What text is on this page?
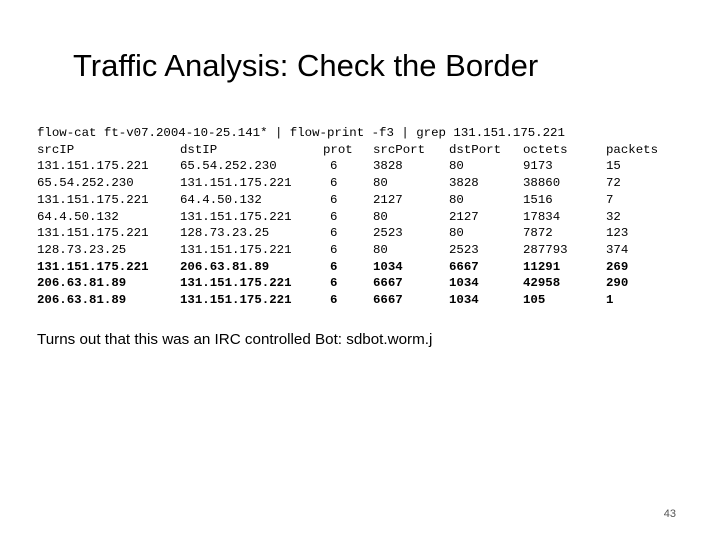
Traffic Analysis: Check the Border
flow-cat ft-v07.2004-10-25.141* | flow-print -f3 | grep 131.151.175.221
srcIP	dstIP	prot	srcPort	dstPort	octets	packets
131.151.175.221	65.54.252.230	6	3828	80	9173	15
65.54.252.230	131.151.175.221	6	80	3828	38860	72
131.151.175.221	64.4.50.132	6	2127	80	1516	7
64.4.50.132	131.151.175.221	6	80	2127	17834	32
131.151.175.221	128.73.23.25	6	2523	80	7872	123
128.73.23.25	131.151.175.221	6	80	2523	287793	374
131.151.175.221	206.63.81.89	6	1034	6667	11291	269
206.63.81.89	131.151.175.221	6	6667	1034	42958	290
206.63.81.89	131.151.175.221	6	6667	1034	105	1
Turns out that this was an IRC controlled Bot: sdbot.worm.j
43
